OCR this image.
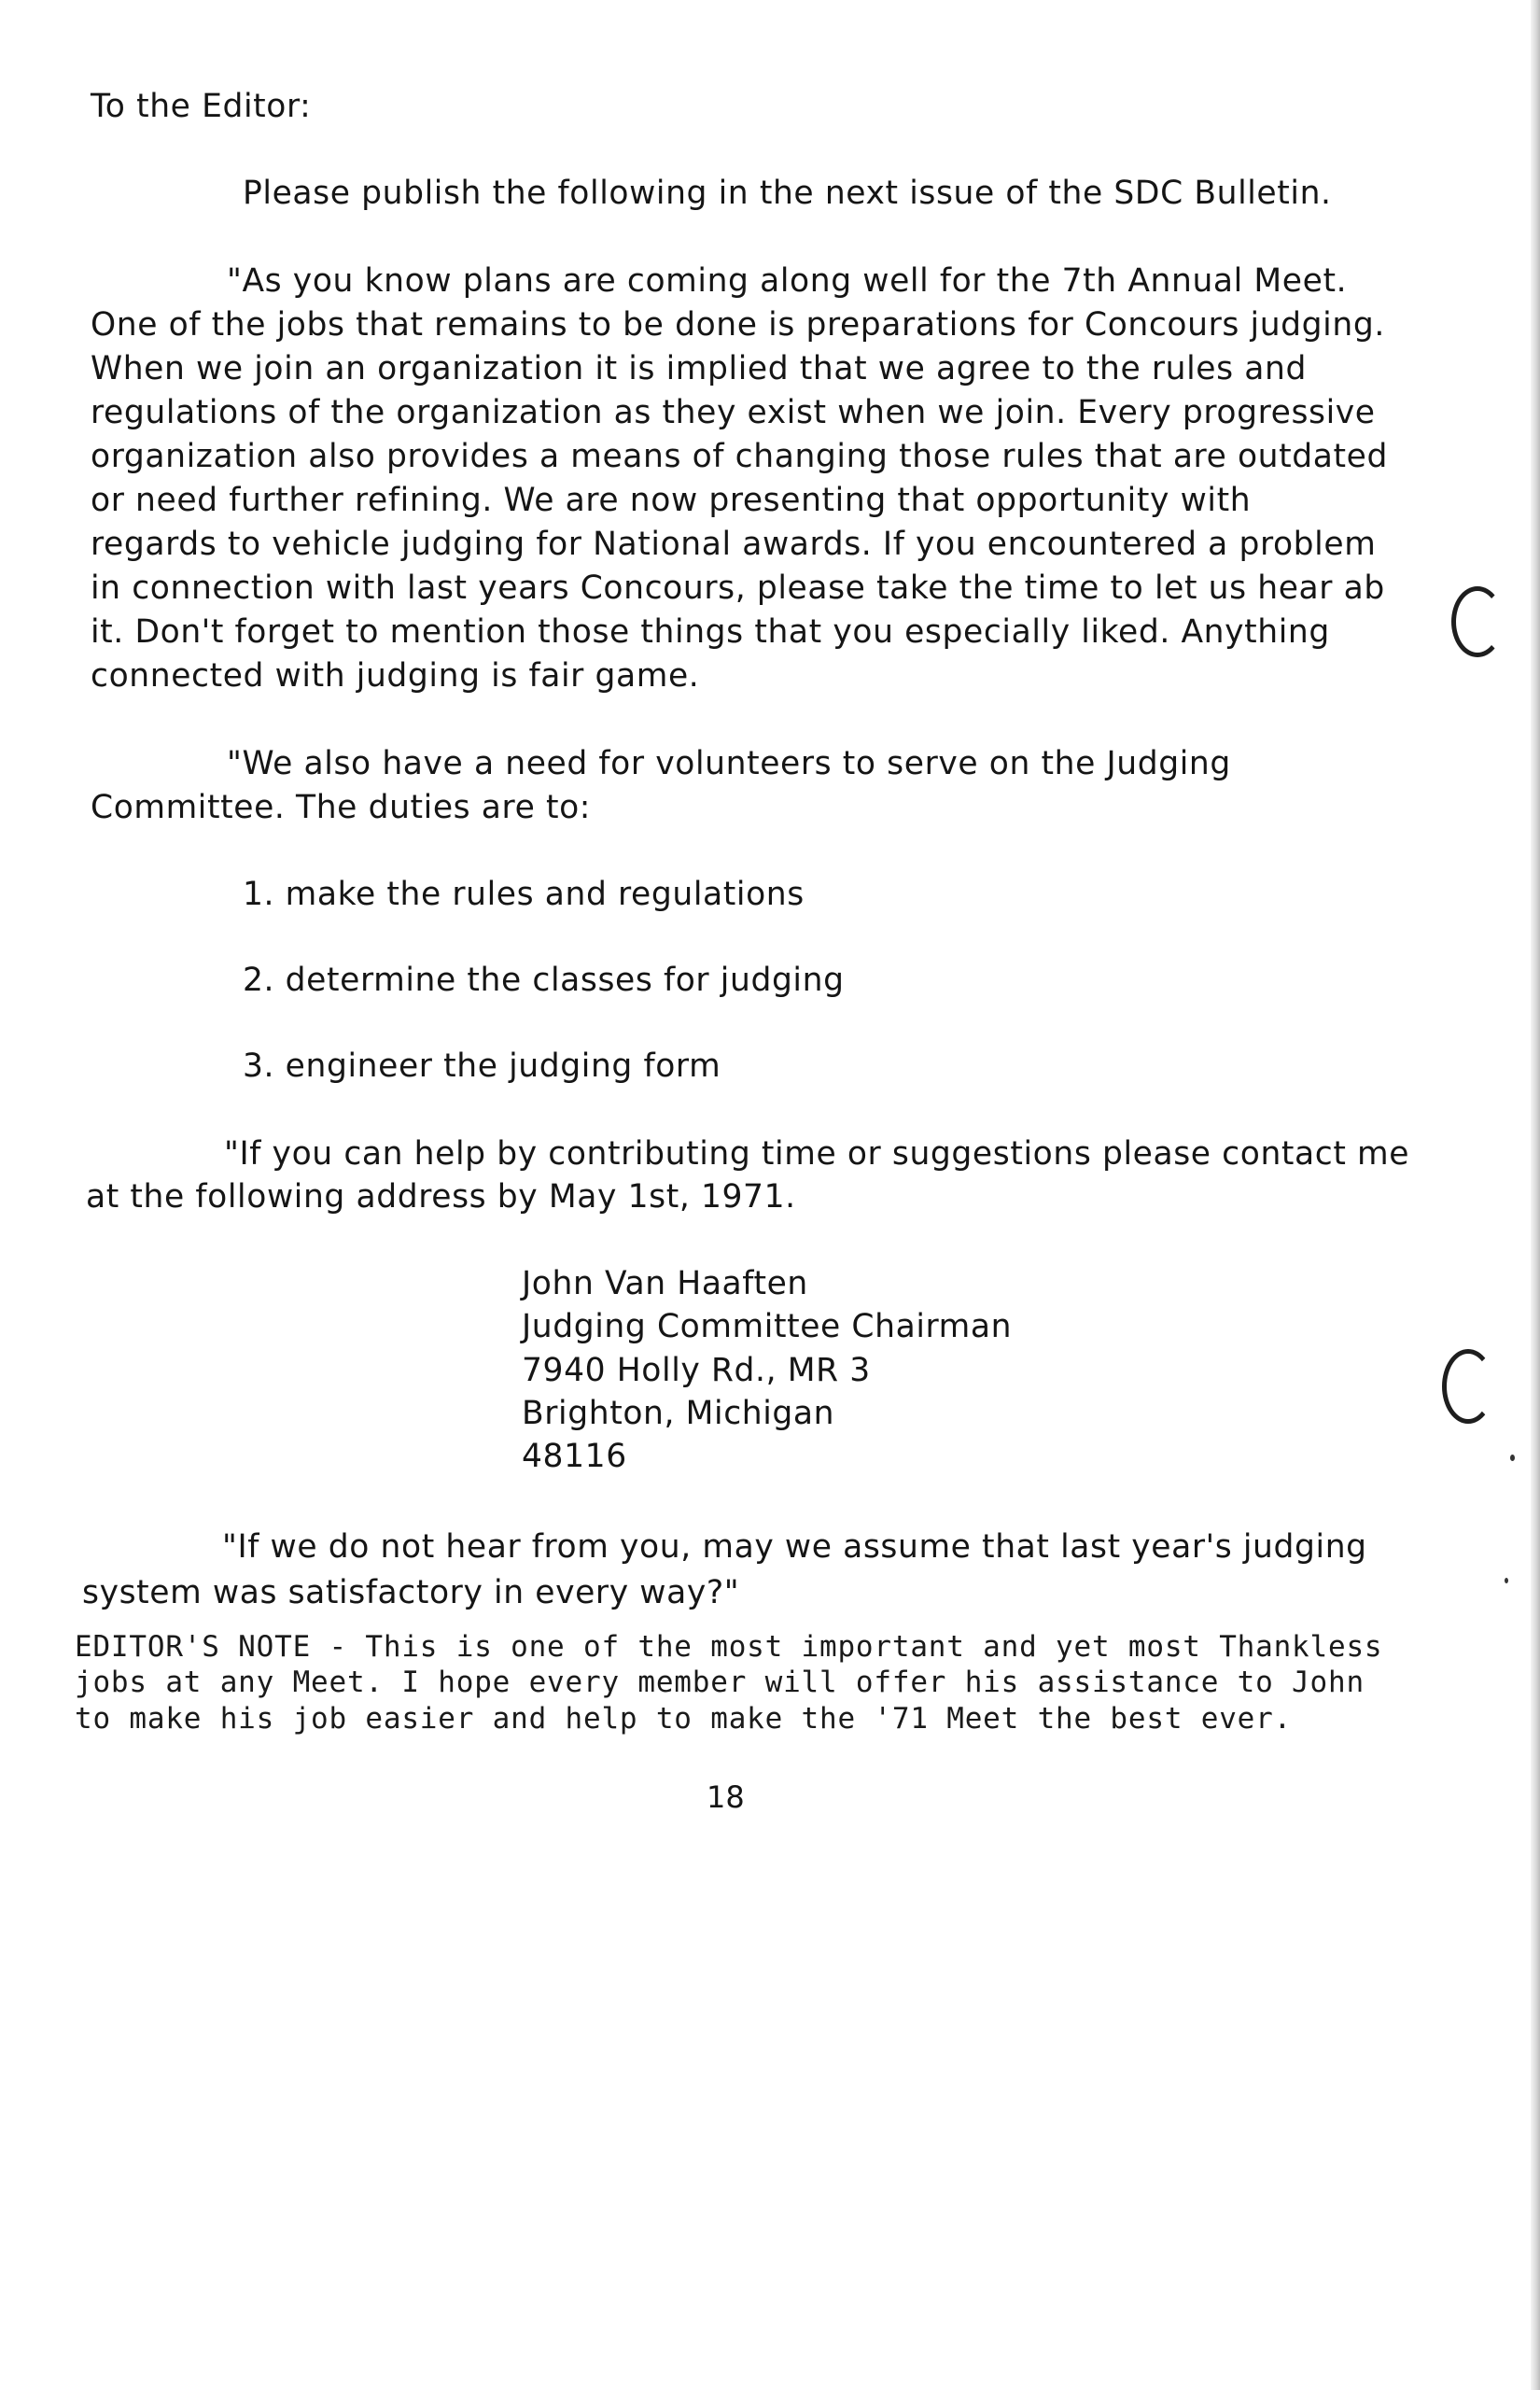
To the Editor:
Please publish the following in the next issue of the SDC Bulletin.
"As you know plans are coming along well for the 7th Annual Meet.
One of the jobs that remains to be done is preparations for Concours judging.
When we join an organization it is implied that we agree to the rules and
regulations of the organization as they exist when we join. Every progressive
organization also provides a means of changing those rules that are outdated
or need further refining. We are now presenting that opportunity with
regards to vehicle judging for National awards. If you encountered a problem
in connection with last years Concours, please take the time to let us hear ab
it. Don't forget to mention those things that you especially liked. Anything
connected with judging is fair game.
"We also have a need for volunteers to serve on the Judging
Committee. The duties are to:
1. make the rules and regulations
2. determine the classes for judging
3. engineer the judging form
"If you can help by contributing time or suggestions please contact me
at the following address by May 1st, 1971.
John Van Haaften
Judging Committee Chairman
7940 Holly Rd., MR 3
Brighton, Michigan
48116
"If we do not hear from you, may we assume that last year's judging
system was satisfactory in every way?"
EDITOR'S NOTE - This is one of the most important and yet most Thankless
jobs at any Meet. I hope every member will offer his assistance to John
to make his job easier and help to make the '71 Meet the best ever.
18
